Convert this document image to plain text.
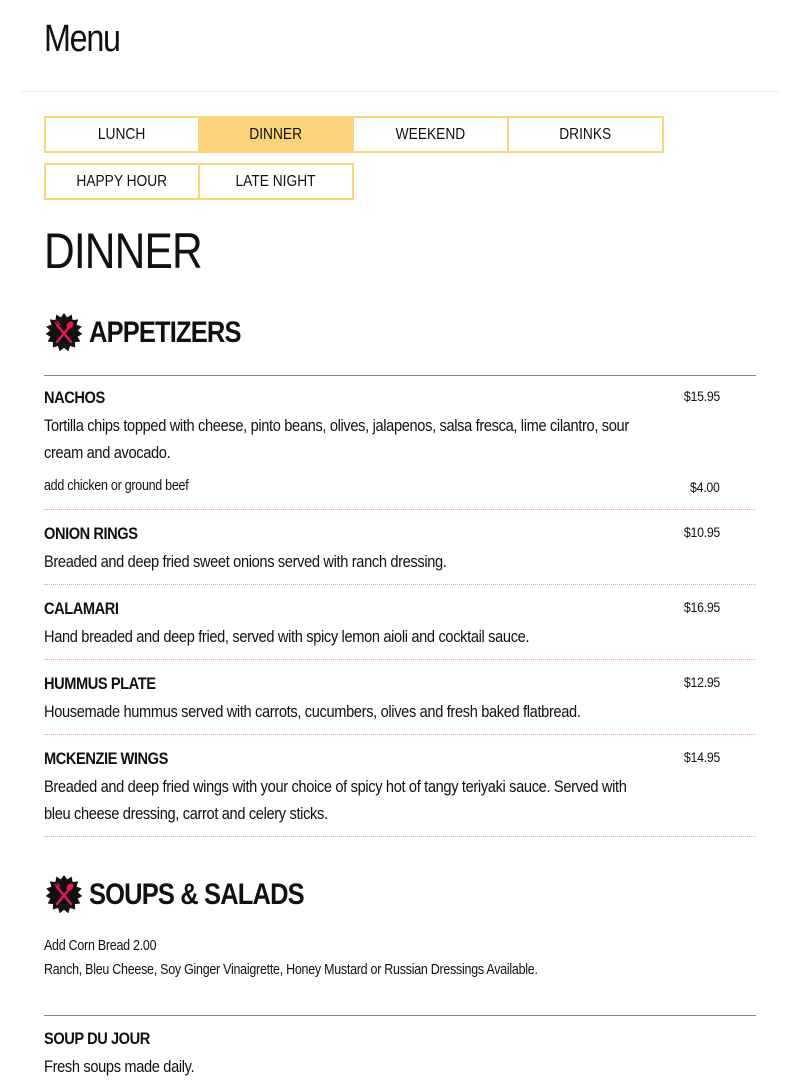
Menu
LUNCH	DINNER	WEEKEND	DRINKS
HAPPY HOUR	LATE NIGHT
DINNER
APPETIZERS
NACHOS	$15.95
Tortilla chips topped with cheese, pinto beans, olives, jalapenos, salsa fresca, lime cilantro, sour cream and avocado.
add chicken or ground beef	$4.00
ONION RINGS	$10.95
Breaded and deep fried sweet onions served with ranch dressing.
CALAMARI	$16.95
Hand breaded and deep fried, served with spicy lemon aioli and cocktail sauce.
HUMMUS PLATE	$12.95
Housemade hummus served with carrots, cucumbers, olives and fresh baked flatbread.
MCKENZIE WINGS	$14.95
Breaded and deep fried wings with your choice of spicy hot of tangy teriyaki sauce. Served with bleu cheese dressing, carrot and celery sticks.
SOUPS & SALADS
Add Corn Bread 2.00
Ranch, Bleu Cheese, Soy Ginger Vinaigrette, Honey Mustard or Russian Dressings Available.
SOUP DU JOUR
Fresh soups made daily.
